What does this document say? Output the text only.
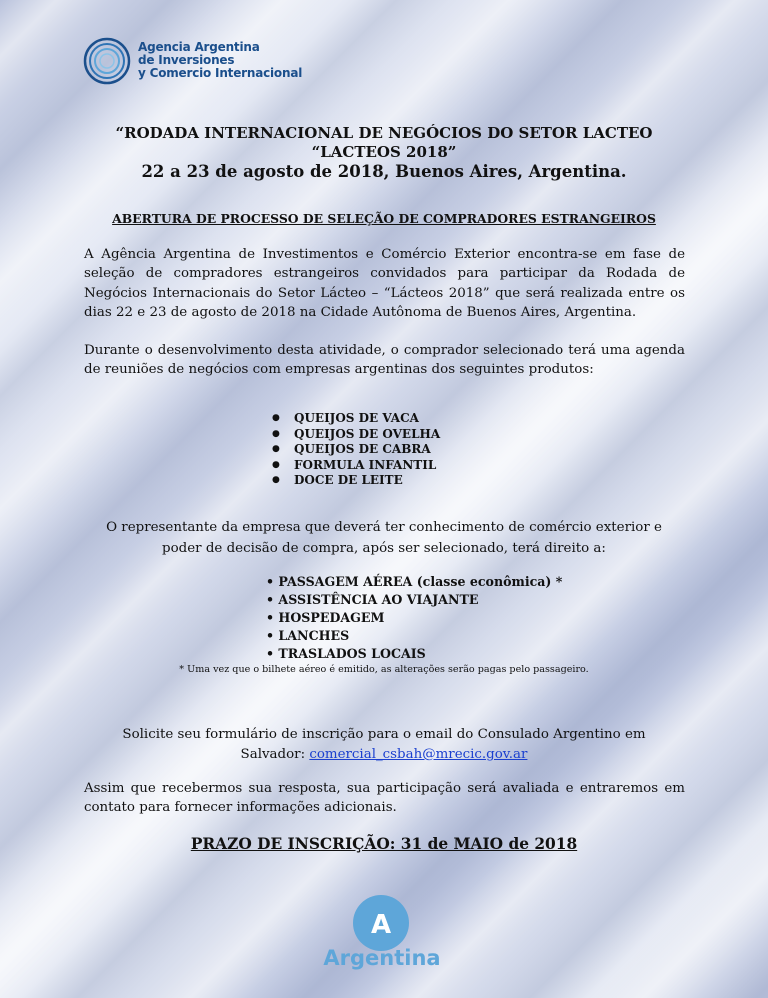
Agencia Argentina
de Inversiones
y Comercio Internacional
“RODADA INTERNACIONAL DE NEGÓCIOS DO SETOR LACTEO
“LACTEOS 2018”
22 a 23 de agosto de 2018, Buenos Aires, Argentina.
ABERTURA DE PROCESSO DE SELEÇÃO DE COMPRADORES ESTRANGEIROS
A Agência Argentina de Investimentos e Comércio Exterior encontra-se em fase de seleção de compradores estrangeiros convidados para participar da Rodada de Negócios Internacionais do Setor Lácteo – “Lácteos 2018” que será realizada entre os dias 22 e 23 de agosto de 2018 na Cidade Autônoma de Buenos Aires, Argentina.
Durante o desenvolvimento desta atividade, o comprador selecionado terá uma agenda de reuniões de negócios com empresas argentinas dos seguintes produtos:
● QUEIJOS DE VACA
● QUEIJOS DE OVELHA
● QUEIJOS DE CABRA
● FORMULA INFANTIL
● DOCE DE LEITE
O representante da empresa que deverá ter conhecimento de comércio exterior e
poder de decisão de compra, após ser selecionado, terá direito a:
• PASSAGEM AÉREA (classe econômica) *
• ASSISTÊNCIA AO VIAJANTE
• HOSPEDAGEM
• LANCHES
• TRASLADOS LOCAIS
* Uma vez que o bilhete aéreo é emitido, as alterações serão pagas pelo passageiro.
Solicite seu formulário de inscrição para o email do Consulado Argentino em
Salvador: comercial_csbah@mrecic.gov.ar
Assim que recebermos sua resposta, sua participação será avaliada e entraremos em contato para fornecer informações adicionais.
PRAZO DE INSCRIÇÃO: 31 de MAIO de 2018
A
Argentina
